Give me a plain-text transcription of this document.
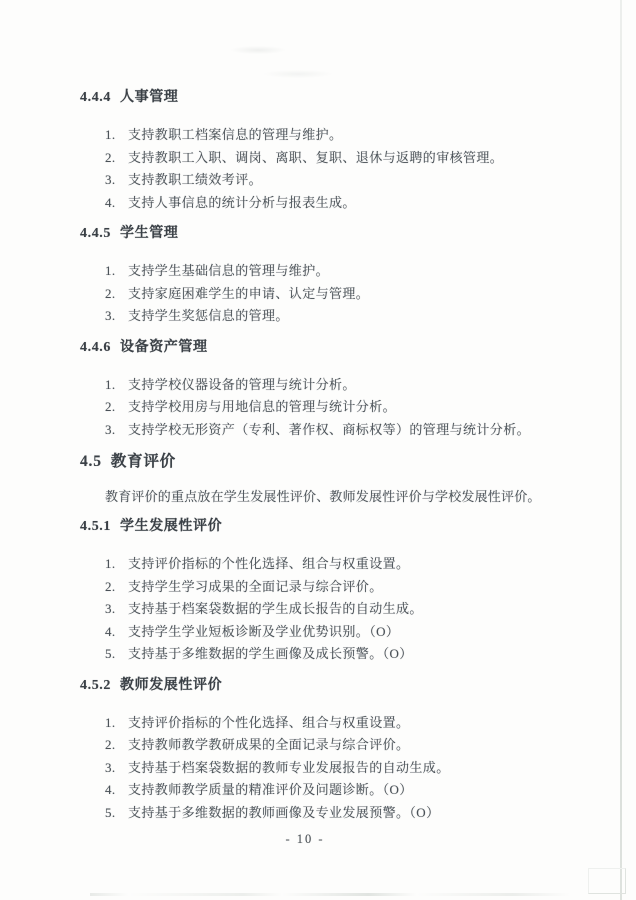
4.4.4 人事管理
1. 支持教职工档案信息的管理与维护。
2. 支持教职工入职、调岗、离职、复职、退休与返聘的审核管理。
3. 支持教职工绩效考评。
4. 支持人事信息的统计分析与报表生成。
4.4.5 学生管理
1. 支持学生基础信息的管理与维护。
2. 支持家庭困难学生的申请、认定与管理。
3. 支持学生奖惩信息的管理。
4.4.6 设备资产管理
1. 支持学校仪器设备的管理与统计分析。
2. 支持学校用房与用地信息的管理与统计分析。
3. 支持学校无形资产（专利、著作权、商标权等）的管理与统计分析。
4.5 教育评价
教育评价的重点放在学生发展性评价、教师发展性评价与学校发展性评价。
4.5.1 学生发展性评价
1. 支持评价指标的个性化选择、组合与权重设置。
2. 支持学生学习成果的全面记录与综合评价。
3. 支持基于档案袋数据的学生成长报告的自动生成。
4. 支持学生学业短板诊断及学业优势识别。（O）
5. 支持基于多维数据的学生画像及成长预警。（O）
4.5.2 教师发展性评价
1. 支持评价指标的个性化选择、组合与权重设置。
2. 支持教师教学教研成果的全面记录与综合评价。
3. 支持基于档案袋数据的教师专业发展报告的自动生成。
4. 支持教师教学质量的精准评价及问题诊断。（O）
5. 支持基于多维数据的教师画像及专业发展预警。（O）
- 10 -
